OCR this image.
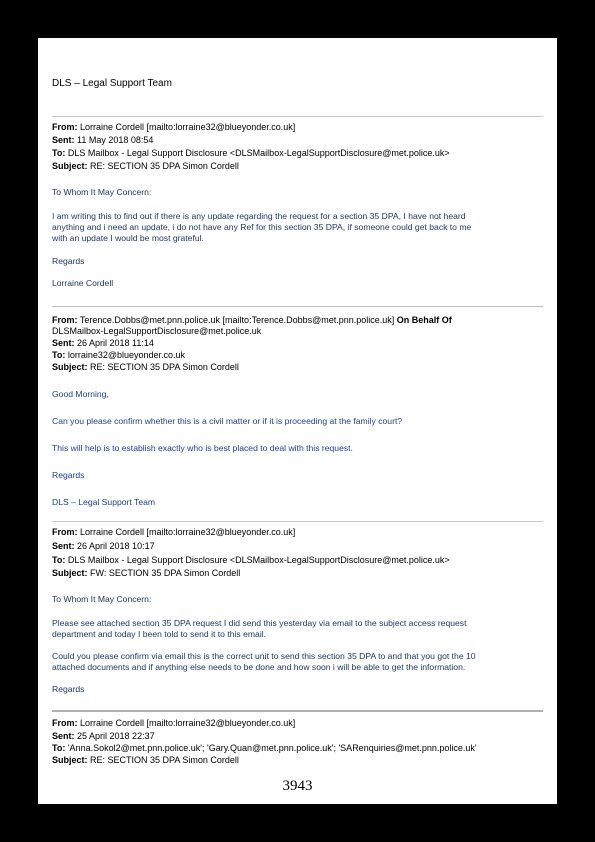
DLS – Legal Support Team
From: Lorraine Cordell [mailto:lorraine32@blueyonder.co.uk]
Sent: 11 May 2018 08:54
To: DLS Mailbox - Legal Support Disclosure <DLSMailbox-LegalSupportDisclosure@met.police.uk>
Subject: RE: SECTION 35 DPA Simon Cordell
To Whom It May Concern:
I am writing this to find out if there is any update regarding the request for a section 35 DPA, I have not heard
anything and i need an update, i do not have any Ref for this section 35 DPA, if someone could get back to me
with an update I would be most grateful.
Regards
Lorraine Cordell
From: Terence.Dobbs@met.pnn.police.uk [mailto:Terence.Dobbs@met.pnn.police.uk] On Behalf Of
DLSMailbox-LegalSupportDisclosure@met.police.uk
Sent: 26 April 2018 11:14
To: lorraine32@blueyonder.co.uk
Subject: RE: SECTION 35 DPA Simon Cordell
Good Morning,
Can you please confirm whether this is a civil matter or if it is proceeding at the family court?
This will help is to establish exactly who is best placed to deal with this request.
Regards
DLS – Legal Support Team
From: Lorraine Cordell [mailto:lorraine32@blueyonder.co.uk]
Sent: 26 April 2018 10:17
To: DLS Mailbox - Legal Support Disclosure <DLSMailbox-LegalSupportDisclosure@met.police.uk>
Subject: FW: SECTION 35 DPA Simon Cordell
To Whom It May Concern:
Please see attached section 35 DPA request I did send this yesterday via email to the subject access request
department and today I been told to send it to this email.
Could you please confirm via email this is the correct unit to send this section 35 DPA to and that you got the 10
attached documents and if anything else needs to be done and how soon i will be able to get the information.
Regards
From: Lorraine Cordell [mailto:lorraine32@blueyonder.co.uk]
Sent: 25 April 2018 22:37
To: 'Anna.Sokol2@met.pnn.police.uk'; 'Gary.Quan@met.pnn.police.uk'; 'SARenquiries@met.pnn.police.uk'
Subject: RE: SECTION 35 DPA Simon Cordell
3943
